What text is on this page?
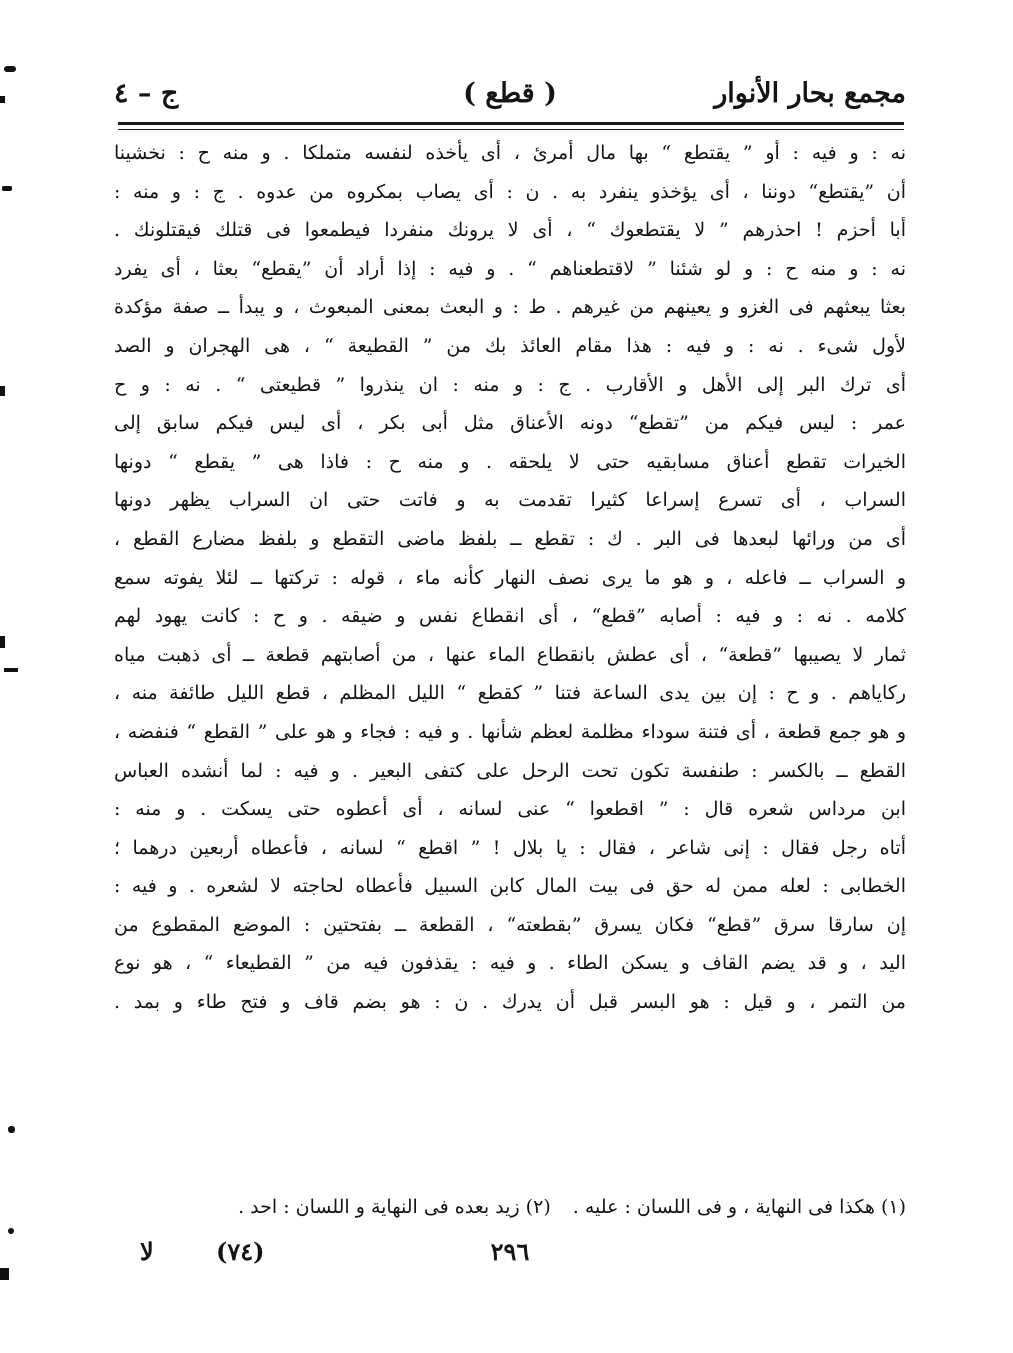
مجمع بحار الأنوار
( قطع )
ج – ٤
نه : و فيه : أو ” يقتطع “ بها مال أمرئ ، أى يأخذه لنفسه متملكا . و منه ح : نخشينا
أن ”يقتطع“ دوننا ، أى يؤخذو ينفرد به . ن : أى يصاب بمكروه من عدوه . ج : و منه :
أبا أحزم ! احذرهم ” لا يقتطعوك “ ، أى لا يرونك منفردا فيطمعوا فى قتلك فيقتلونك .
نه : و منه ح : و لو شئنا ” لاقتطعناهم “ . و فيه : إذا أراد أن ”يقطع“ بعثا ، أى يفرد
بعثا يبعثهم فى الغزو و يعينهم من غيرهم . ط : و البعث بمعنى المبعوث ، و يبدأ ــ صفة مؤكدة
لأول شىء . نه : و فيه : هذا مقام العائذ بك من ” القطيعة “ ، هى الهجران و الصد
أى ترك البر إلى الأهل و الأقارب . ج : و منه : ان ينذروا ” قطيعتى “ . نه : و ح
عمر : ليس فيكم من ”تقطع“ دونه الأعناق مثل أبى بكر ، أى ليس فيكم سابق إلى
الخيرات تقطع أعناق مسابقيه حتى لا يلحقه . و منه ح : فاذا هى ” يقطع “ دونها
السراب ، أى تسرع إسراعا كثيرا تقدمت به و فاتت حتى ان السراب يظهر دونها
أى من ورائها لبعدها فى البر . ك : تقطع ــ بلفظ ماضى التقطع و بلفظ مضارع القطع ،
و السراب ــ فاعله ، و هو ما يرى نصف النهار كأنه ماء ، قوله : تركتها ــ لئلا يفوته سمع
كلامه . نه : و فيه : أصابه ”قطع“ ، أى انقطاع نفس و ضيقه . و ح : كانت يهود لهم
ثمار لا يصيبها ”قطعة“ ، أى عطش بانقطاع الماء عنها ، من أصابتهم قطعة ــ أى ذهبت مياه
ركاياهم . و ح : إن بين يدى الساعة فتنا ” كقطع “ الليل المظلم ، قطع الليل طائفة منه ،
و هو جمع قطعة ، أى فتنة سوداء مظلمة لعظم شأنها . و فيه : فجاء و هو على ” القطع “ فنفضه ،
القطع ــ بالكسر : طنفسة تكون تحت الرحل على كتفى البعير . و فيه : لما أنشده العباس
ابن مرداس شعره قال : ” اقطعوا “ عنى لسانه ، أى أعطوه حتى يسكت . و منه :
أتاه رجل فقال : إنى شاعر ، فقال : يا بلال ! ” اقطع “ لسانه ، فأعطاه أربعين درهما ؛
الخطابى : لعله ممن له حق فى بيت المال كابن السبيل فأعطاه لحاجته لا لشعره . و فيه :
إن سارقا سرق ”قطع“ فكان يسرق ”بقطعته“ ، القطعة ــ بفتحتين : الموضع المقطوع من
اليد ، و قد يضم القاف و يسكن الطاء . و فيه : يقذفون فيه من ” القطيعاء “ ، هو نوع
من التمر ، و قيل : هو البسر قبل أن يدرك . ن : هو بضم قاف و فتح طاء و بمد .
(١) هكذا فى النهاية ، و فى اللسان : عليه . (٢) زيد بعده فى النهاية و اللسان : احد .
٢٩٦
(٧٤)
لا
